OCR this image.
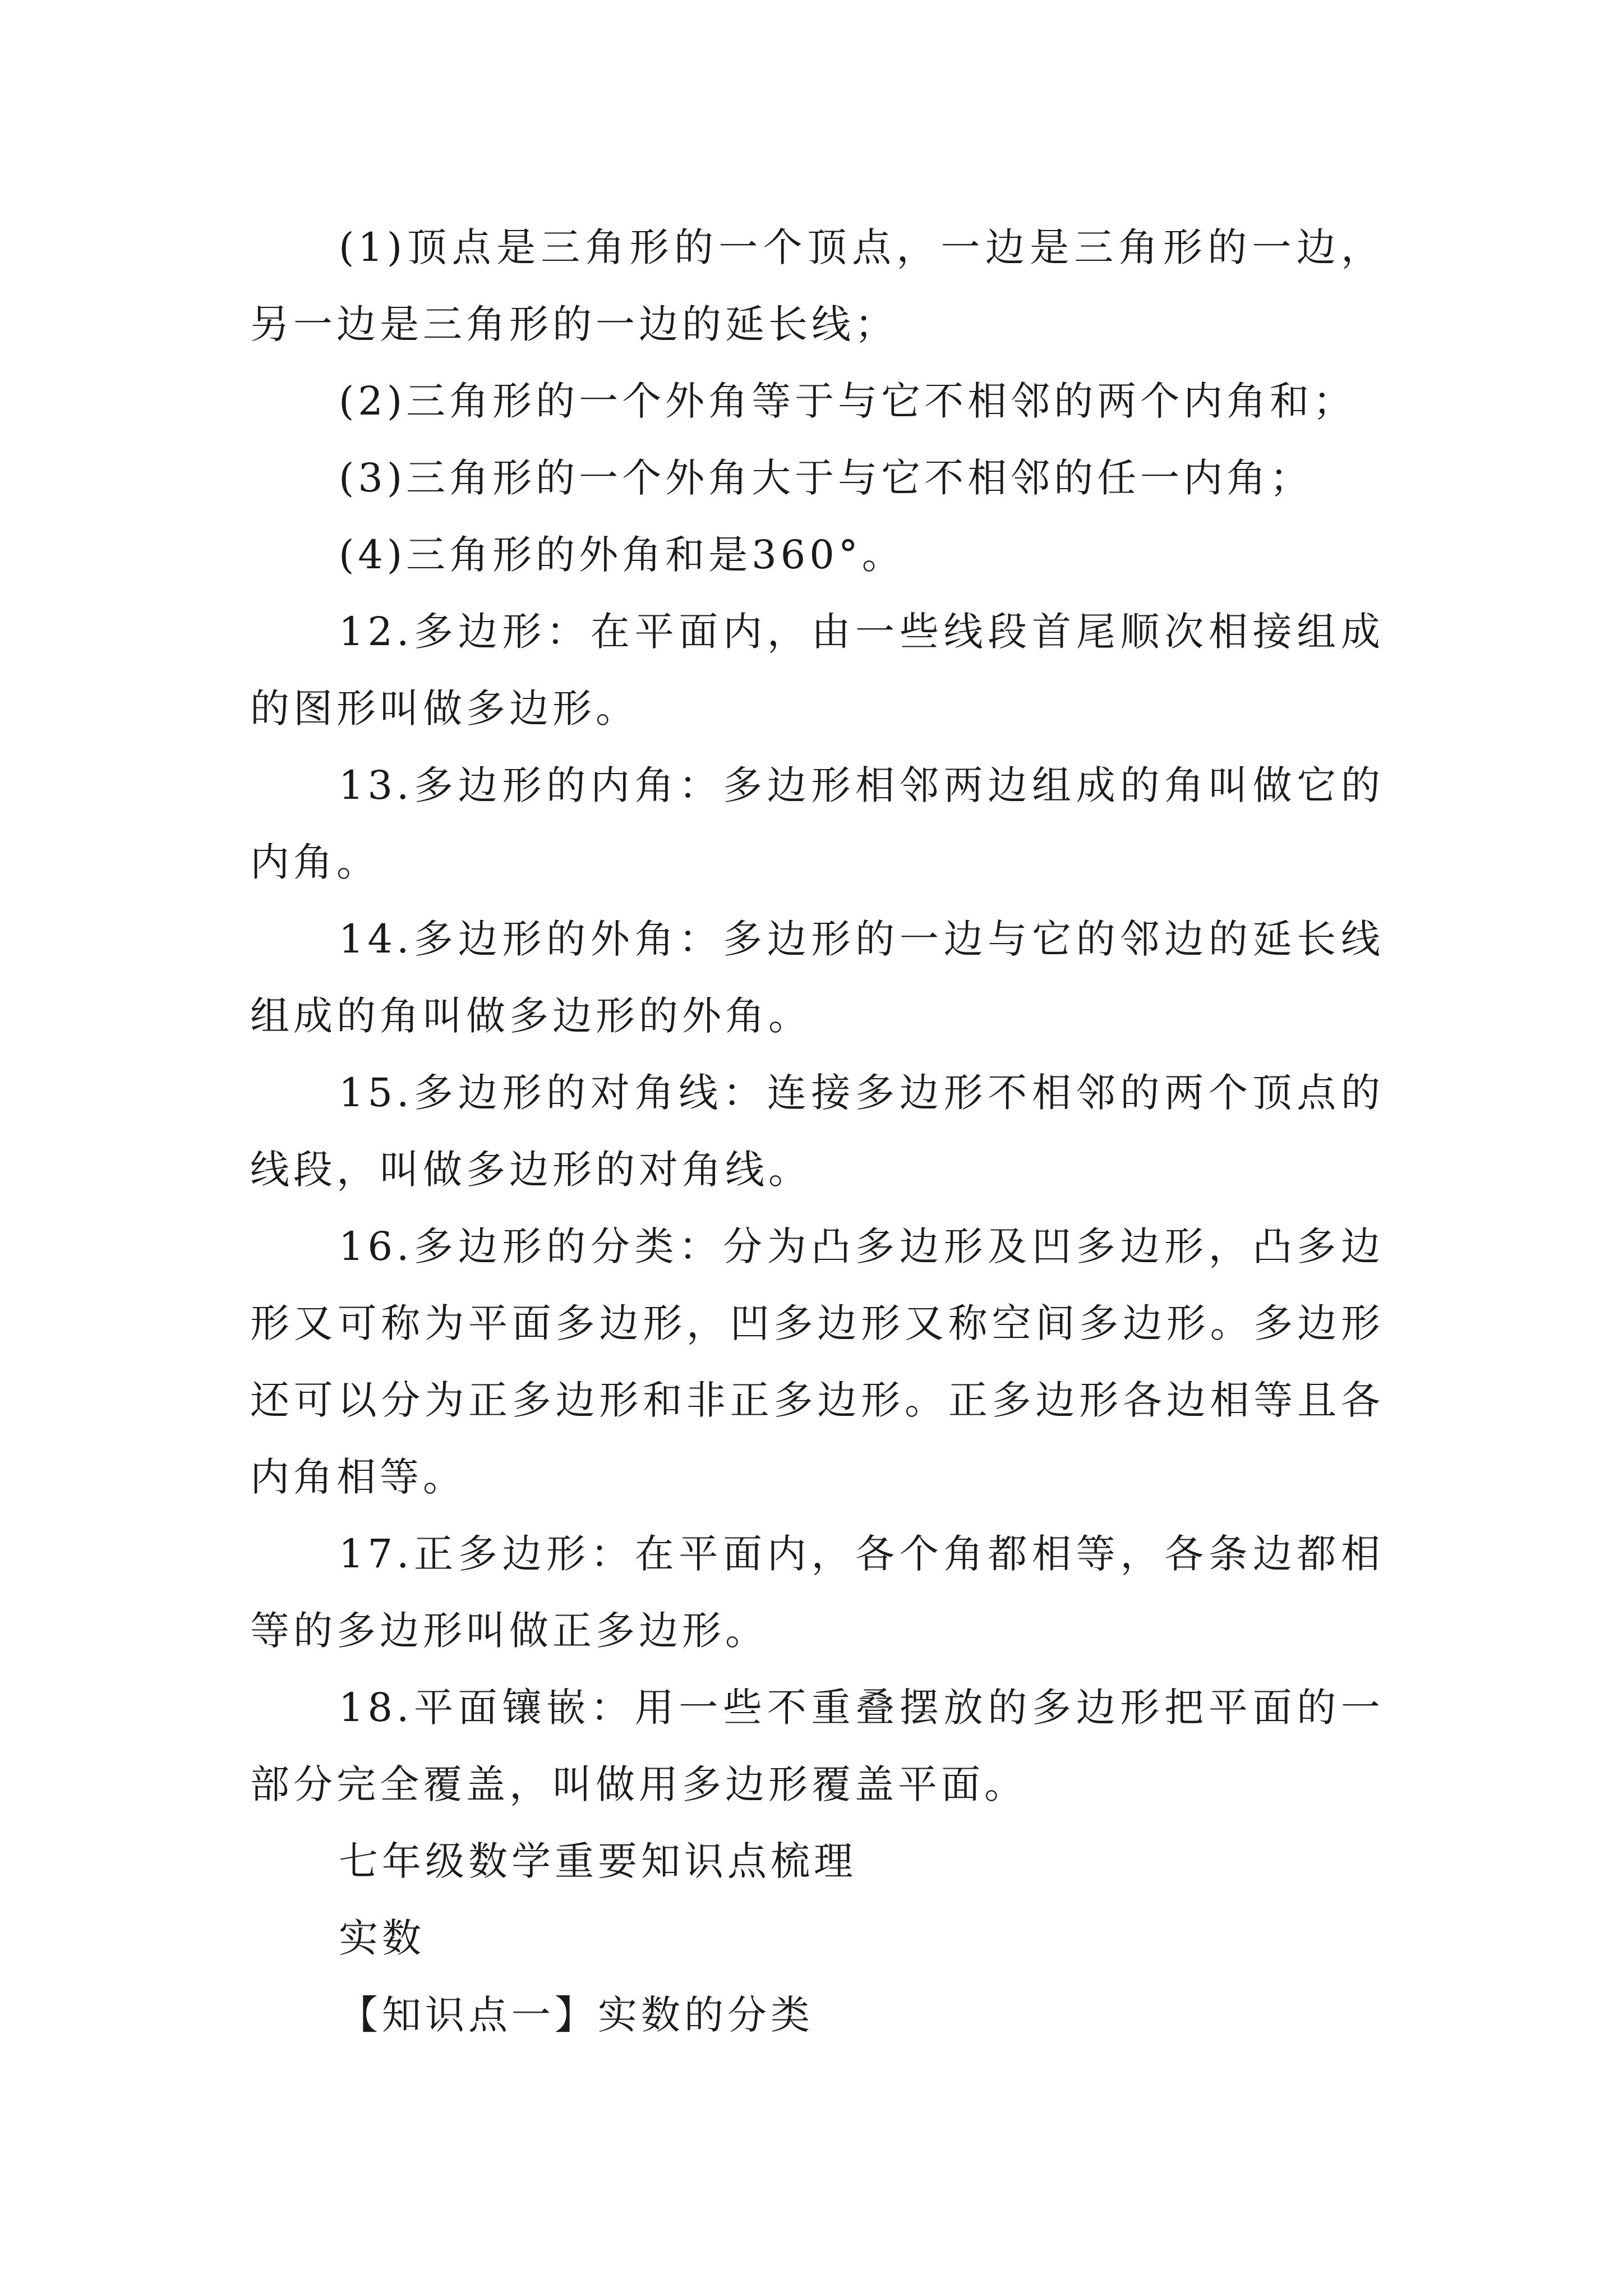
(1)顶点是三角形的一个顶点，一边是三角形的一边，
另一边是三角形的一边的延长线；
(2)三角形的一个外角等于与它不相邻的两个内角和；
(3)三角形的一个外角大于与它不相邻的任一内角；
(4)三角形的外角和是360°。
12.多边形：在平面内，由一些线段首尾顺次相接组成
的图形叫做多边形。
13.多边形的内角：多边形相邻两边组成的角叫做它的
内角。
14.多边形的外角：多边形的一边与它的邻边的延长线
组成的角叫做多边形的外角。
15.多边形的对角线：连接多边形不相邻的两个顶点的
线段，叫做多边形的对角线。
16.多边形的分类：分为凸多边形及凹多边形，凸多边
形又可称为平面多边形，凹多边形又称空间多边形。多边形
还可以分为正多边形和非正多边形。正多边形各边相等且各
内角相等。
17.正多边形：在平面内，各个角都相等，各条边都相
等的多边形叫做正多边形。
18.平面镶嵌：用一些不重叠摆放的多边形把平面的一
部分完全覆盖，叫做用多边形覆盖平面。
七年级数学重要知识点梳理
实数
【知识点一】实数的分类
